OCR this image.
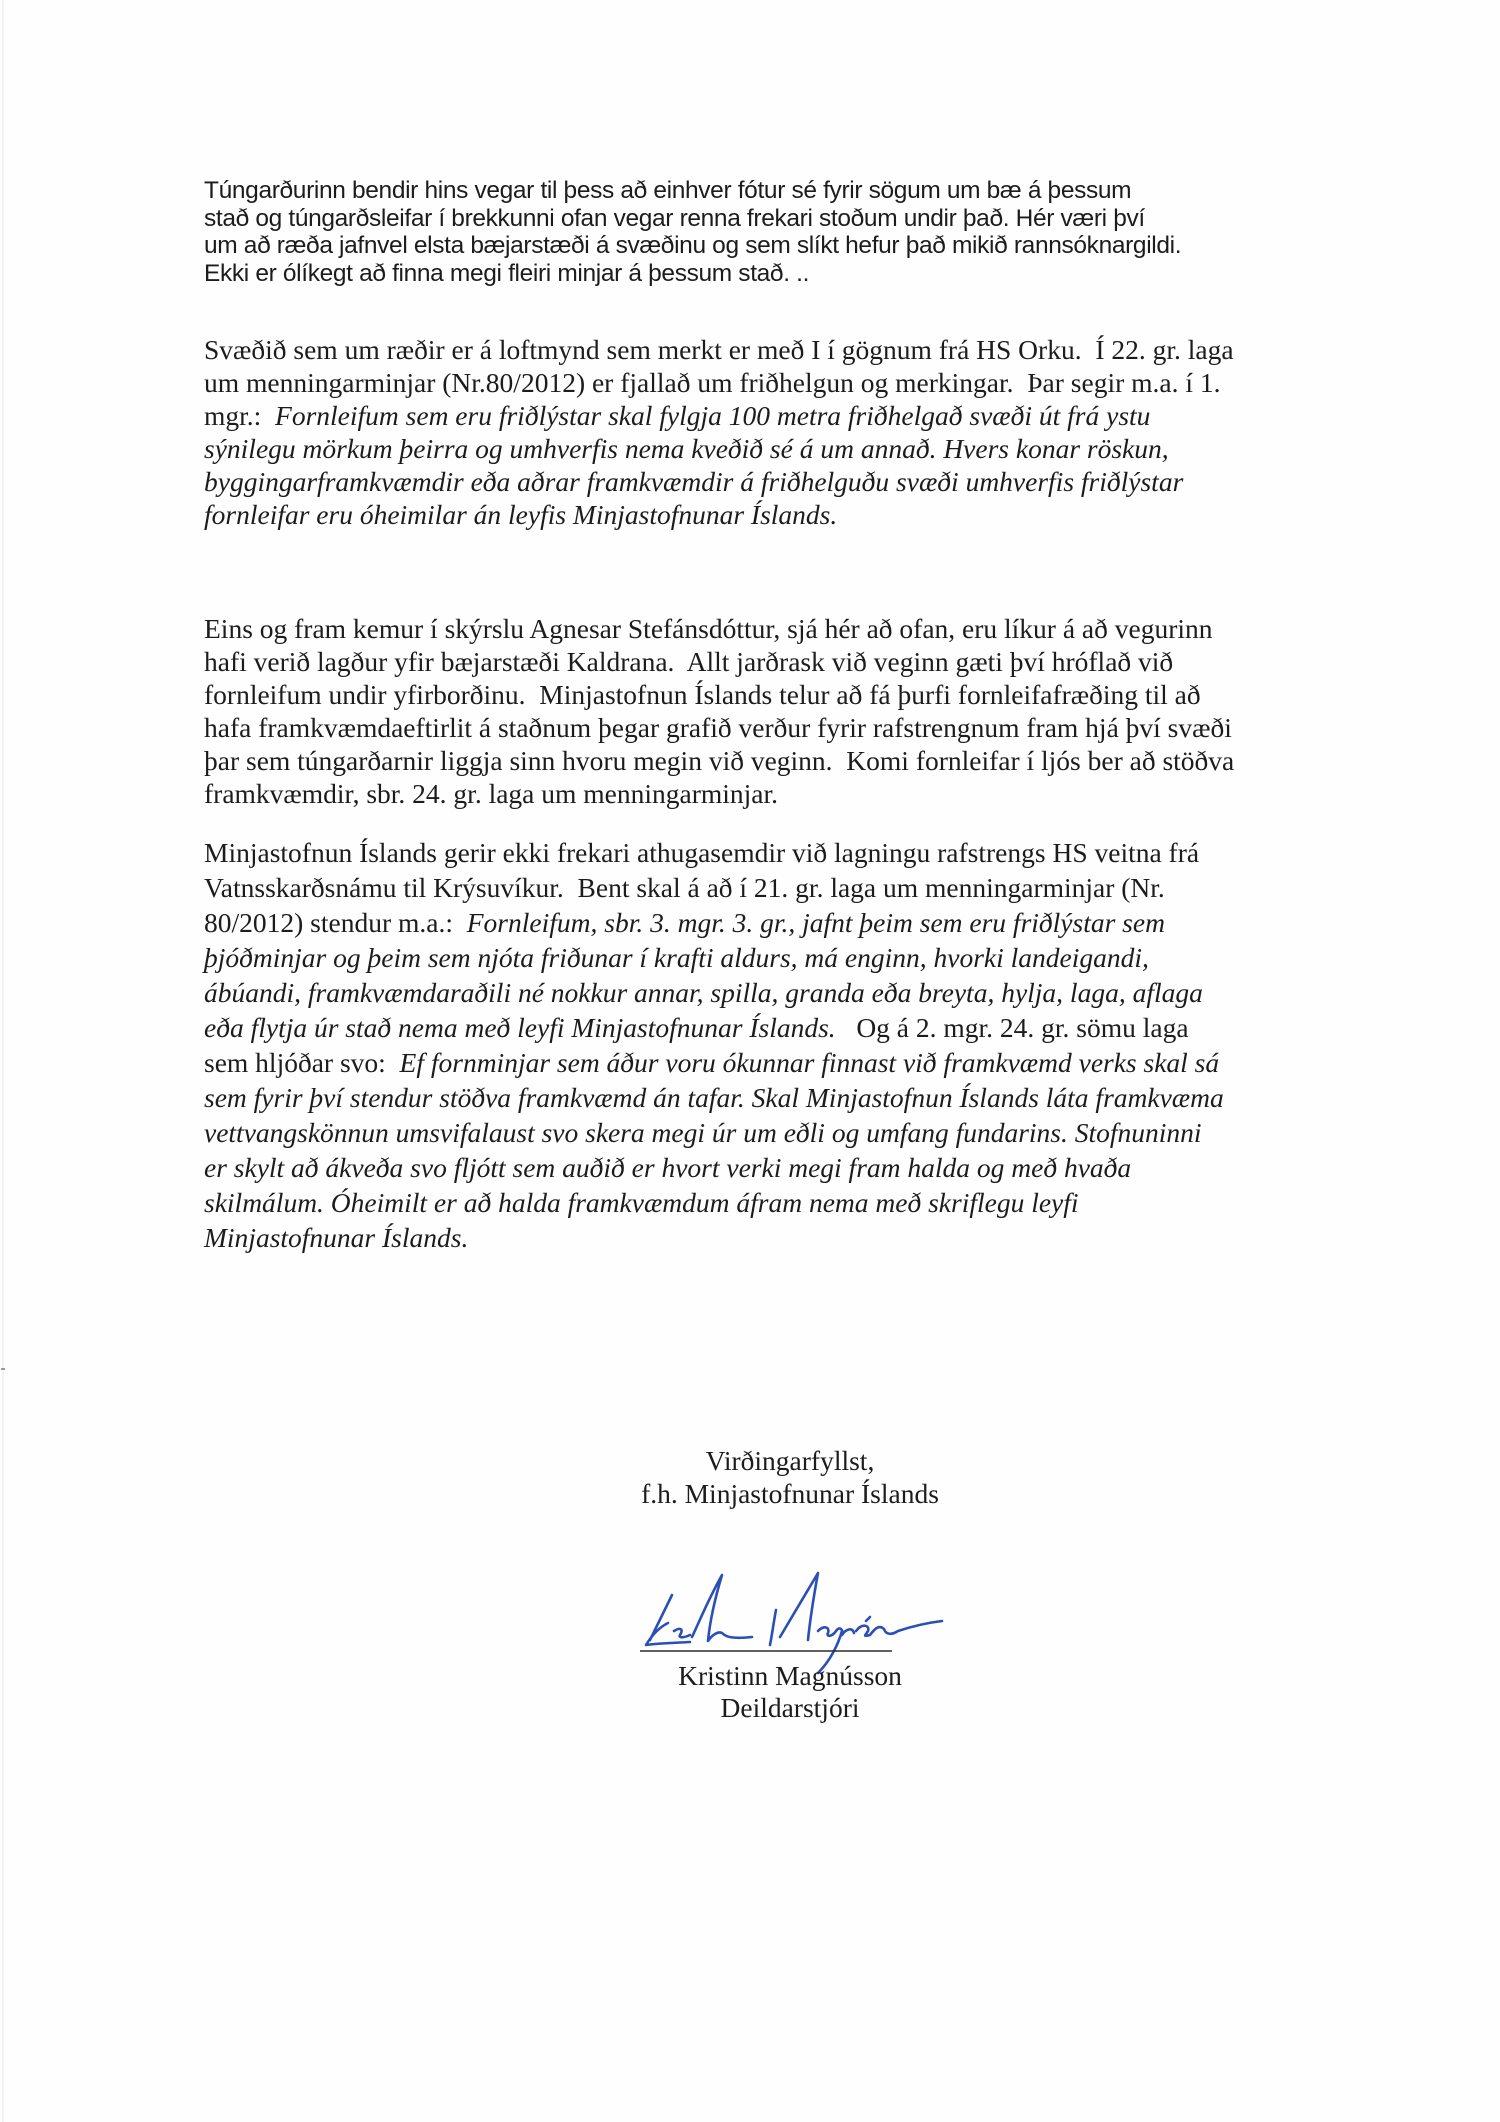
Túngarðurinn bendir hins vegar til þess að einhver fótur sé fyrir sögum um bæ á þessum
stað og túngarðsleifar í brekkunni ofan vegar renna frekari stoðum undir það. Hér væri því
um að ræða jafnvel elsta bæjarstæði á svæðinu og sem slíkt hefur það mikið rannsóknargildi.
Ekki er ólíkegt að finna megi fleiri minjar á þessum stað. ..
Svæðið sem um ræðir er á loftmynd sem merkt er með I í gögnum frá HS Orku.  Í 22. gr. laga
um menningarminjar (Nr.80/2012) er fjallað um friðhelgun og merkingar.  Þar segir m.a. í 1.
mgr.:  Fornleifum sem eru friðlýstar skal fylgja 100 metra friðhelgað svæði út frá ystu
sýnilegu mörkum þeirra og umhverfis nema kveðið sé á um annað. Hvers konar röskun,
byggingarframkvæmdir eða aðrar framkvæmdir á friðhelguðu svæði umhverfis friðlýstar
fornleifar eru óheimilar án leyfis Minjastofnunar Íslands.
Eins og fram kemur í skýrslu Agnesar Stefánsdóttur, sjá hér að ofan, eru líkur á að vegurinn
hafi verið lagður yfir bæjarstæði Kaldrana.  Allt jarðrask við veginn gæti því hróflað við
fornleifum undir yfirborðinu.  Minjastofnun Íslands telur að fá þurfi fornleifafræðing til að
hafa framkvæmdaeftirlit á staðnum þegar grafið verður fyrir rafstrengnum fram hjá því svæði
þar sem túngarðarnir liggja sinn hvoru megin við veginn.  Komi fornleifar í ljós ber að stöðva
framkvæmdir, sbr. 24. gr. laga um menningarminjar.
Minjastofnun Íslands gerir ekki frekari athugasemdir við lagningu rafstrengs HS veitna frá
Vatnsskarðsnámu til Krýsuvíkur.  Bent skal á að í 21. gr. laga um menningarminjar (Nr.
80/2012) stendur m.a.:  Fornleifum, sbr. 3. mgr. 3. gr., jafnt þeim sem eru friðlýstar sem
þjóðminjar og þeim sem njóta friðunar í krafti aldurs, má enginn, hvorki landeigandi,
ábúandi, framkvæmdaraðili né nokkur annar, spilla, granda eða breyta, hylja, laga, aflaga
eða flytja úr stað nema með leyfi Minjastofnunar Íslands.   Og á 2. mgr. 24. gr. sömu laga
sem hljóðar svo:  Ef fornminjar sem áður voru ókunnar finnast við framkvæmd verks skal sá
sem fyrir því stendur stöðva framkvæmd án tafar. Skal Minjastofnun Íslands láta framkvæma
vettvangskönnun umsvifalaust svo skera megi úr um eðli og umfang fundarins. Stofnuninni
er skylt að ákveða svo fljótt sem auðið er hvort verki megi fram halda og með hvaða
skilmálum. Óheimilt er að halda framkvæmdum áfram nema með skriflegu leyfi
Minjastofnunar Íslands.
Virðingarfyllst,
f.h. Minjastofnunar Íslands
Kristinn Magnússon
Deildarstjóri
